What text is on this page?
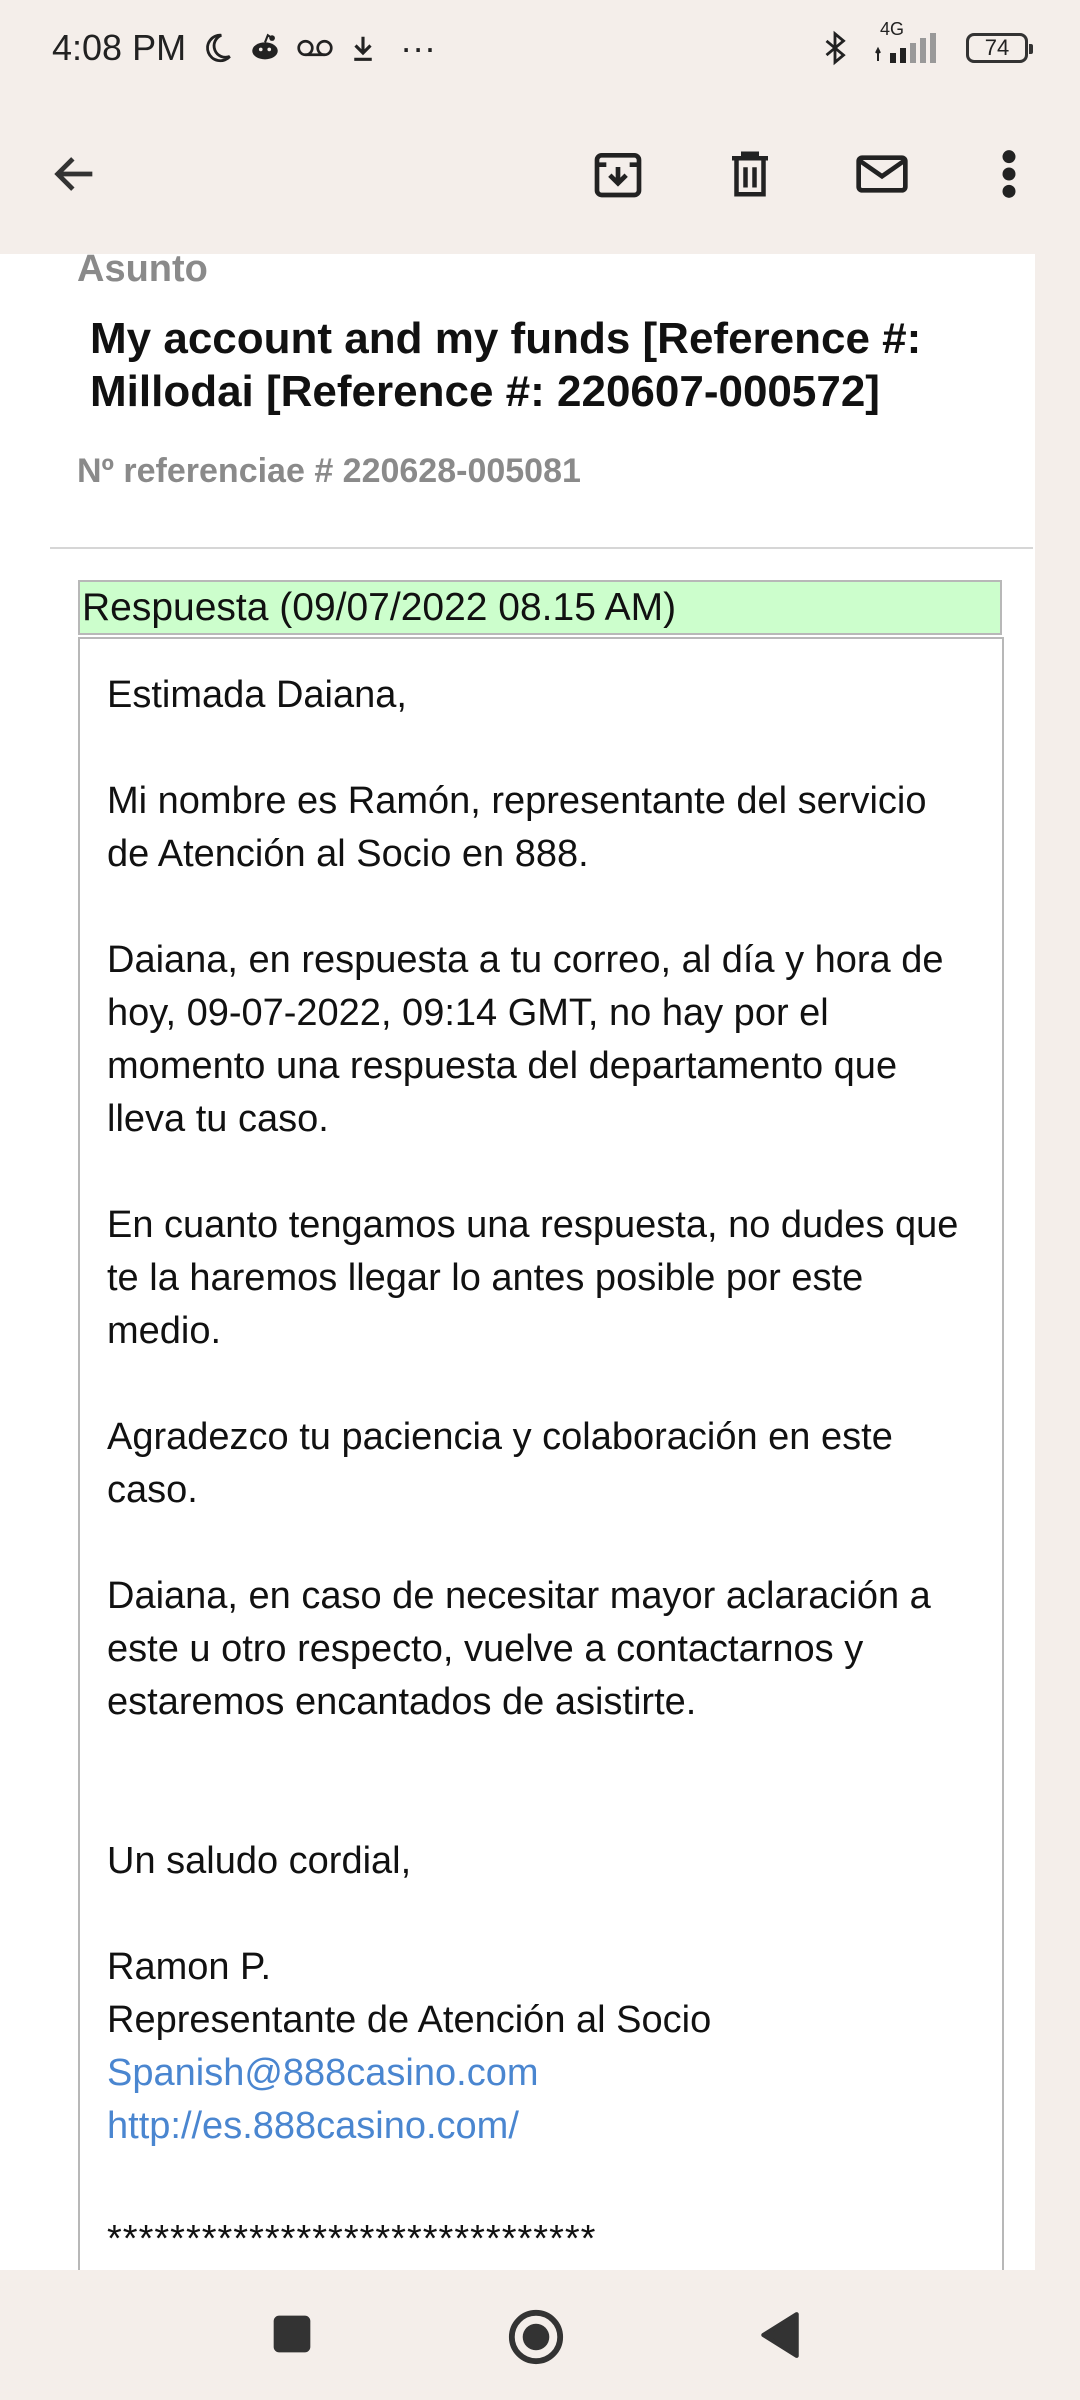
4:08 PM	···	4G
74
Asunto
My account and my funds [Reference #: Millodai [Reference #: 220607-000572]
Nº referenciae # 220628-005081
Respuesta (09/07/2022 08.15 AM)

Estimada Daiana,

Mi nombre es Ramón, representante del servicio de Atención al Socio en 888.

Daiana, en respuesta a tu correo, al día y hora de hoy, 09-07-2022, 09:14 GMT, no hay por el momento una respuesta del departamento que lleva tu caso.

En cuanto tengamos una respuesta, no dudes que te la haremos llegar lo antes posible por este medio.

Agradezco tu paciencia y colaboración en este caso.

Daiana, en caso de necesitar mayor aclaración a este u otro respecto, vuelve a contactarnos y estaremos encantados de asistirte.

Un saludo cordial,

Ramon P.

Representante de Atención al Socio

Spanish@888casino.com
http://es.888casino.com/

*******************************
